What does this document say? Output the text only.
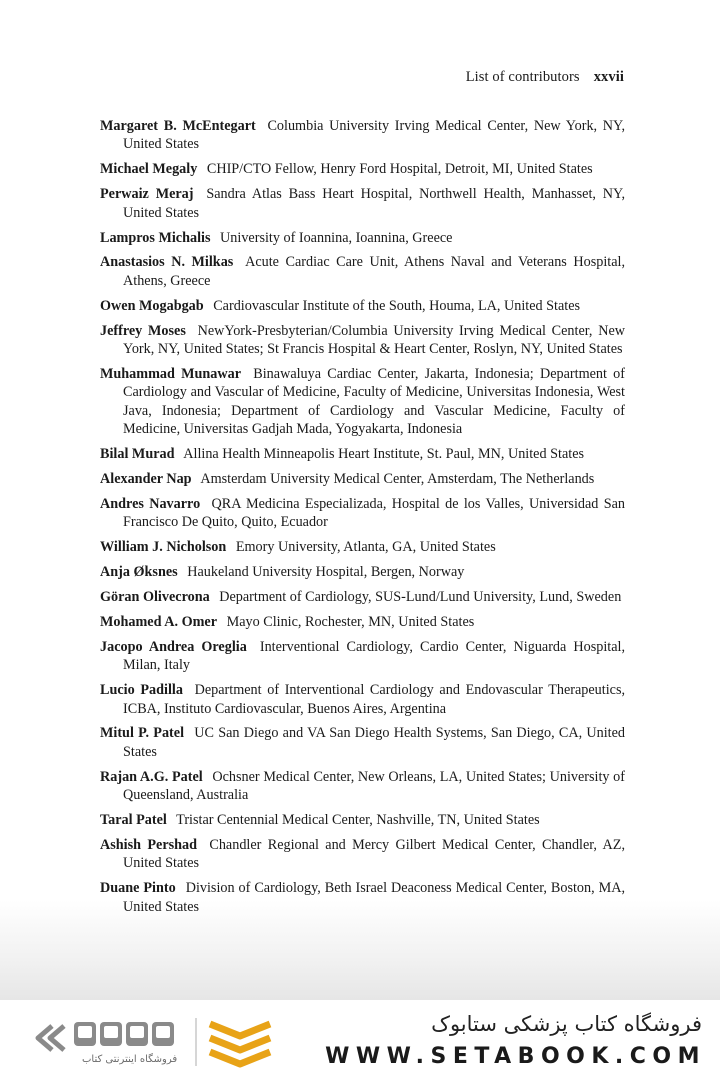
List of contributors xxvii

Margaret B. McEntegart Columbia University Irving Medical Center, New York, NY, United States

Michael Megaly CHIP/CTO Fellow, Henry Ford Hospital, Detroit, MI, United States

Perwaiz Meraj Sandra Atlas Bass Heart Hospital, Northwell Health, Manhasset, NY, United States

Lampros Michalis University of Ioannina, Ioannina, Greece

Anastasios N. Milkas Acute Cardiac Care Unit, Athens Naval and Veterans Hospital, Athens, Greece

Owen Mogabgab Cardiovascular Institute of the South, Houma, LA, United States

Jeffrey Moses NewYork-Presbyterian/Columbia University Irving Medical Center, New York, NY, United States; St Francis Hospital & Heart Center, Roslyn, NY, United States

Muhammad Munawar Binawaluya Cardiac Center, Jakarta, Indonesia; Department of Cardiology and Vascular of Medicine, Faculty of Medicine, Universitas Indonesia, West Java, Indonesia; Department of Cardiology and Vascular Medicine, Faculty of Medicine, Universitas Gadjah Mada, Yogyakarta, Indonesia

Bilal Murad Allina Health Minneapolis Heart Institute, St. Paul, MN, United States

Alexander Nap Amsterdam University Medical Center, Amsterdam, The Netherlands

Andres Navarro QRA Medicina Especializada, Hospital de los Valles, Universidad San Francisco De Quito, Quito, Ecuador

William J. Nicholson Emory University, Atlanta, GA, United States

Anja Øksnes Haukeland University Hospital, Bergen, Norway

Göran Olivecrona Department of Cardiology, SUS-Lund/Lund University, Lund, Sweden

Mohamed A. Omer Mayo Clinic, Rochester, MN, United States

Jacopo Andrea Oreglia Interventional Cardiology, Cardio Center, Niguarda Hospital, Milan, Italy

Lucio Padilla Department of Interventional Cardiology and Endovascular Therapeutics, ICBA, Instituto Cardiovascular, Buenos Aires, Argentina

Mitul P. Patel UC San Diego and VA San Diego Health Systems, San Diego, CA, United States

Rajan A.G. Patel Ochsner Medical Center, New Orleans, LA, United States; University of Queensland, Australia

Taral Patel Tristar Centennial Medical Center, Nashville, TN, United States

Ashish Pershad Chandler Regional and Mercy Gilbert Medical Center, Chandler, AZ, United States

Duane Pinto Division of Cardiology, Beth Israel Deaconess Medical Center, Boston, MA, United States

فروشگاه اینترنتی کتاب
فروشگاه کتاب پزشکی ستابوک
WWW.SETABOOK.COM
